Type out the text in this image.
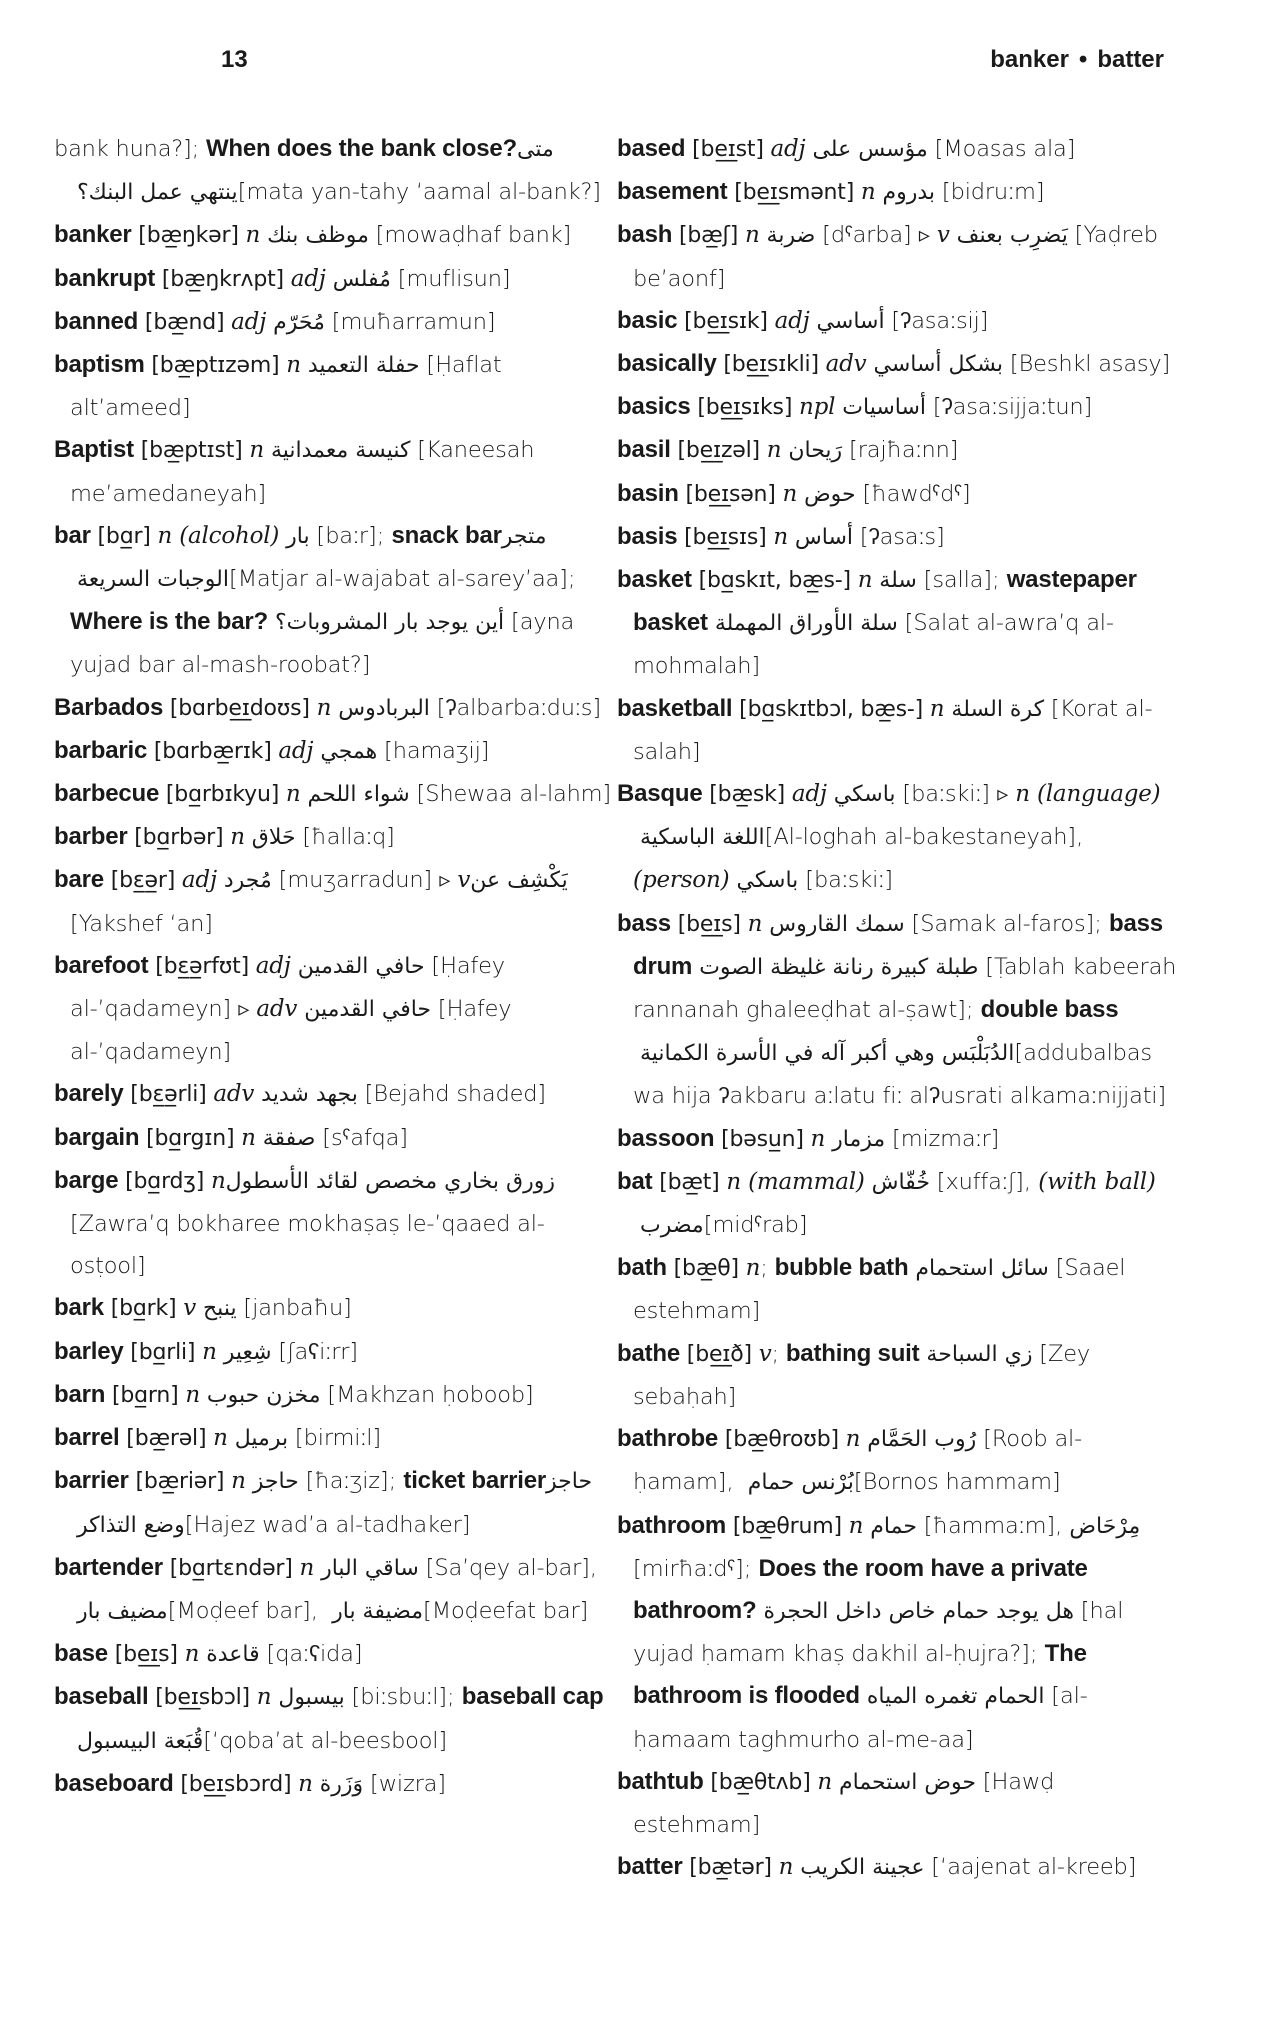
13	banker • batter
bank huna?]; When does the bank close? متى ينتهي عمل البنك؟ [mata yan-tahy ‘aamal al-bank?]
banker [bæ̲ŋkər] n موظف بنك [mowaḍhaf bank]
bankrupt [bæ̲ŋkrʌpt] adj مُفلس [muflisun]
banned [bæ̲nd] adj مُحَرّم [muħarramun]
baptism [bæ̲ptɪzəm] n حفلة التعميد [Ḥaflat alt’ameed]
Baptist [bæ̲ptɪst] n كنيسة معمدانية [Kaneesah me’amedaneyah]
bar [bɑ̲r] n (alcohol) بار [baːr]; snack bar متجر الوجبات السريعة [Matjar al-wajabat al-sarey’aa]; Where is the bar? أين يوجد بار المشروبات؟ [ayna yujad bar al-mash-roobat?]
Barbados [bɑrbe̲ɪ̲doʊs] n البربادوس [ʔalbarbaːduːs]
barbaric [bɑrbæ̲rɪk] adj همجي [hamaʒij]
barbecue [bɑ̲rbɪkyu] n شواء اللحم [Shewaa al-lahm]
barber [bɑ̲rbər] n حَلاق [ħallaːq]
bare [bɛ̲ə̲r] adj مُجرد [muʒarradun] ▹ v يَكْشِف عن [Yakshef ‘an]
barefoot [bɛ̲ə̲rfʊt] adj حافي القدمين [Ḥafey al-’qadameyn] ▹ adv حافي القدمين [Ḥafey al-’qadameyn]
barely [bɛ̲ə̲rli] adv بجهد شديد [Bejahd shaded]
bargain [bɑ̲rgɪn] n صفقة [sˤafqa]
barge [bɑ̲rdʒ] n زورق بخاري مخصص لقائد الأسطول [Zawra’q bokharee mokhaṣaṣ le-’qaaed al-osṭool]
bark [bɑ̲rk] v ينبح [janbaħu]
barley [bɑ̲rli] n شِعِير [ʃaʕiːrr]
barn [bɑ̲rn] n مخزن حبوب [Makhzan ḥoboob]
barrel [bæ̲rəl] n برميل [birmiːl]
barrier [bæ̲riər] n حاجز [ħaːʒiz]; ticket barrier حاجز وضع التذاكر [Hajez wad’a al-tadhaker]
bartender [bɑ̲rtɛndər] n ساقي البار [Sa’qey al-bar], مضيف بار [Moḍeef bar], مضيفة بار [Moḍeefat bar]
base [be̲ɪ̲s] n قاعدة [qaːʕida]
baseball [be̲ɪ̲sbɔl] n بيسبول [biːsbuːl]; baseball cap قُبَعة البيسبول [‘qoba’at al-beesbool]
baseboard [be̲ɪ̲sbɔrd] n وَزَرة [wizra]
based [be̲ɪ̲st] adj مؤسس على [Moasas ala]
basement [be̲ɪ̲smənt] n بدروم [bidruːm]
bash [bæ̲ʃ] n ضربة [dˤarba] ▹ v يَضرِب بعنف [Yaḍreb be’aonf]
basic [be̲ɪ̲sɪk] adj أساسي [ʔasaːsij]
basically [be̲ɪ̲sɪkli] adv بشكل أساسي [Beshkl asasy]
basics [be̲ɪ̲sɪks] npl أساسيات [ʔasaːsijjaːtun]
basil [be̲ɪ̲zəl] n رَيحان [rajħaːnn]
basin [be̲ɪ̲sən] n حوض [ħawdˤdˤ]
basis [be̲ɪ̲sɪs] n أساس [ʔasaːs]
basket [bɑ̲skɪt, bæ̲s-] n سلة [salla]; wastepaper basket سلة الأوراق المهملة [Salat al-awra’q al-mohmalah]
basketball [bɑ̲skɪtbɔl, bæ̲s-] n كرة السلة [Korat al-salah]
Basque [bæ̲sk] adj باسكي [baːskiː] ▹ n (language) اللغة الباسكية [Al-loghah al-bakestaneyah], (person) باسكي [baːskiː]
bass [be̲ɪ̲s] n سمك القاروس [Samak al-faros]; bass drum طبلة كبيرة رنانة غليظة الصوت [Ṭablah kabeerah rannanah ghaleeḍhat al-ṣawt]; double bass الدُبَلْبَس وهي أكبر آله في الأسرة الكمانية [addubalbas wa hija ʔakbaru aːlatu fiː alʔusrati alkamaːnijjati]
bassoon [bəsu̲n] n مزمار [mizmaːr]
bat [bæ̲t] n (mammal) خُفّاش [xuffaːʃ], (with ball) مضرب [midˤrab]
bath [bæ̲θ] n; bubble bath سائل استحمام [Saael estehmam]
bathe [be̲ɪ̲ð] v; bathing suit زي السباحة [Zey sebaḥah]
bathrobe [bæ̲θroʊb] n رُوب الحَمَّام [Roob al-ḥamam], بُرْنس حمام [Bornos hammam]
bathroom [bæ̲θrum] n حمام [ħammaːm], مِرْحَاض [mirħaːdˤ]; Does the room have a private bathroom? هل يوجد حمام خاص داخل الحجرة [hal yujad ḥamam khaṣ dakhil al-ḥujra?]; The bathroom is flooded الحمام تغمره المياه [al-ḥamaam taghmurho al-me-aa]
bathtub [bæ̲θtʌb] n حوض استحمام [Hawḍ estehmam]
batter [bæ̲tər] n عجينة الكريب [‘aajenat al-kreeb]
